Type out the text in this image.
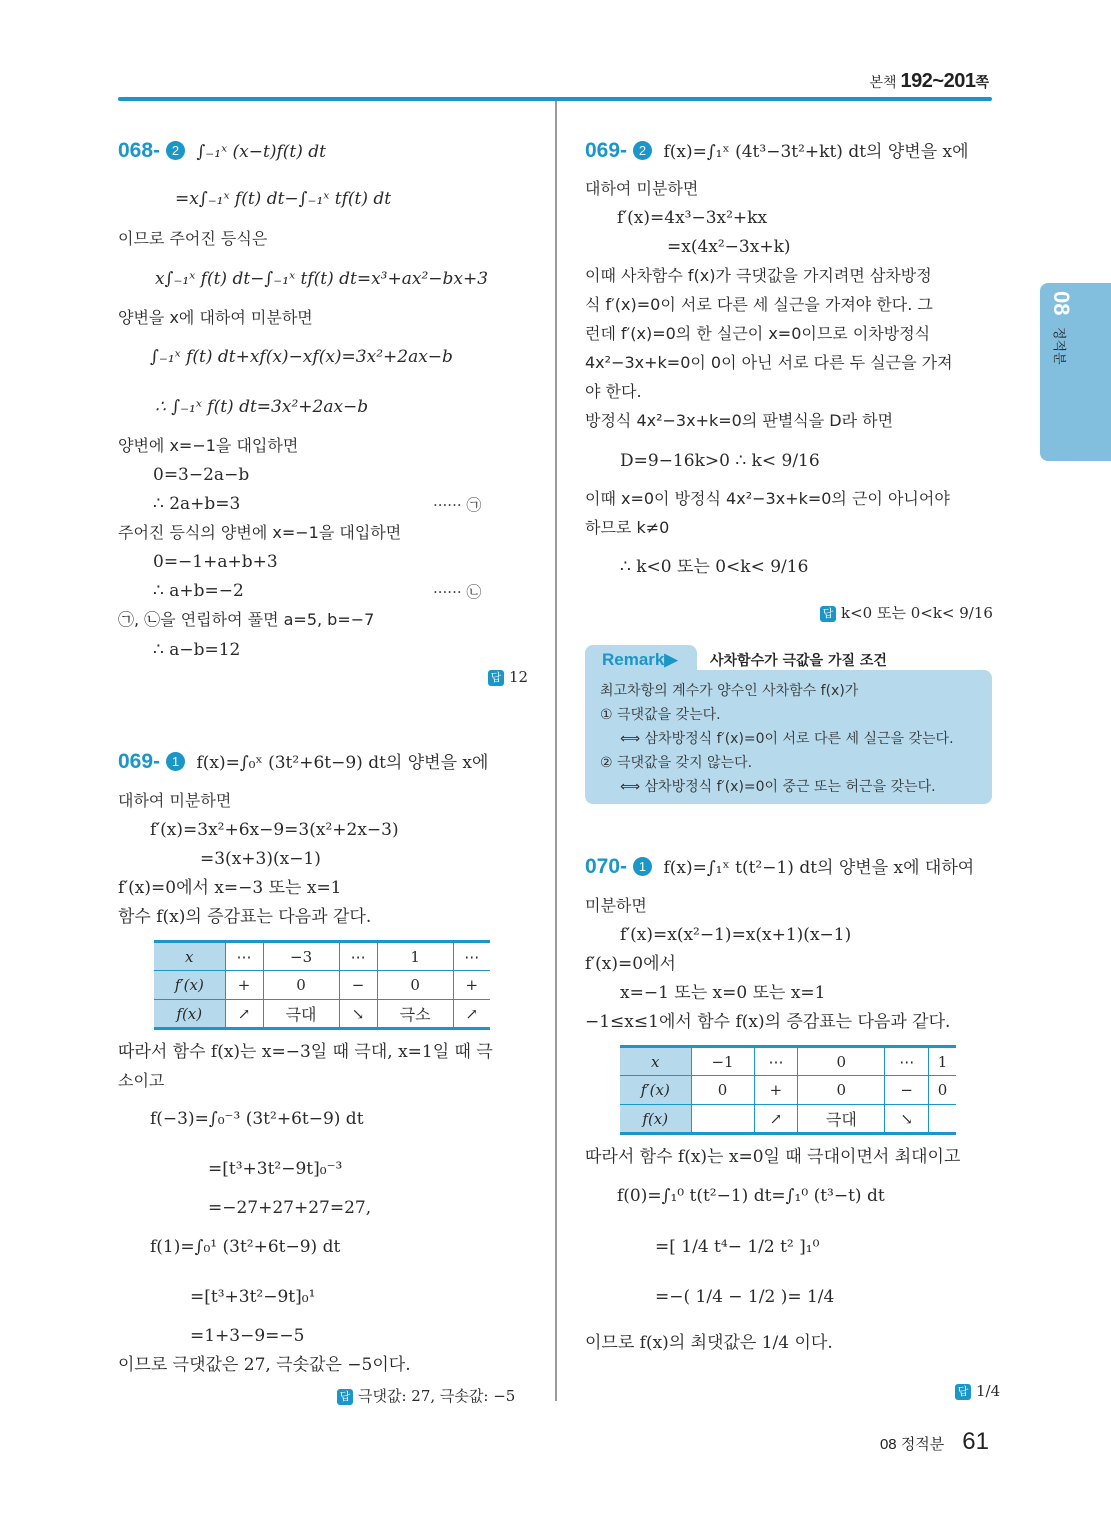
본책 192~201쪽
08
정적분
068- 2 ∫₋₁ˣ (x−t)f(t) dt
=x∫₋₁ˣ f(t) dt−∫₋₁ˣ tf(t) dt
이므로 주어진 등식은
x∫₋₁ˣ f(t) dt−∫₋₁ˣ tf(t) dt=x³+ax²−bx+3
양변을 x에 대하여 미분하면
∫₋₁ˣ f(t) dt+xf(x)−xf(x)=3x²+2ax−b
∴ ∫₋₁ˣ f(t) dt=3x²+2ax−b
양변에 x=−1을 대입하면
0=3−2a−b
∴ 2a+b=3	······ ㉠
주어진 등식의 양변에 x=−1을 대입하면
0=−1+a+b+3
∴ a+b=−2	······ ㉡
㉠, ㉡을 연립하여 풀면 a=5, b=−7
∴ a−b=12
답 12
069- 1 f(x)=∫₀ˣ (3t²+6t−9) dt의 양변을 x에
대하여 미분하면
f′(x)=3x²+6x−9=3(x²+2x−3)
=3(x+3)(x−1)
f′(x)=0에서 x=−3 또는 x=1
함수 f(x)의 증감표는 다음과 같다.
x	⋯	−3	⋯	1	⋯
f′(x)	+	0	−	0	+
f(x)	↗	극대	↘	극소	↗
따라서 함수 f(x)는 x=−3일 때 극대, x=1일 때 극
소이고
f(−3)=∫₀⁻³ (3t²+6t−9) dt
=[t³+3t²−9t]₀⁻³
=−27+27+27=27,
f(1)=∫₀¹ (3t²+6t−9) dt
=[t³+3t²−9t]₀¹
=1+3−9=−5
이므로 극댓값은 27, 극솟값은 −5이다.
답 극댓값: 27, 극솟값: −5
069- 2 f(x)=∫₁ˣ (4t³−3t²+kt) dt의 양변을 x에
대하여 미분하면
f′(x)=4x³−3x²+kx
=x(4x²−3x+k)
이때 사차함수 f(x)가 극댓값을 가지려면 삼차방정
식 f′(x)=0이 서로 다른 세 실근을 가져야 한다. 그
런데 f′(x)=0의 한 실근이 x=0이므로 이차방정식
4x²−3x+k=0이 0이 아닌 서로 다른 두 실근을 가져
야 한다.
방정식 4x²−3x+k=0의 판별식을 D라 하면
D=9−16k>0 ∴ k< 9/16
이때 x=0이 방정식 4x²−3x+k=0의 근이 아니어야
하므로 k≠0
∴ k<0 또는 0<k< 9/16
답 k<0 또는 0<k< 9/16
Remark▶ 사차함수가 극값을 가질 조건
최고차항의 계수가 양수인 사차함수 f(x)가
① 극댓값을 갖는다.
⟺ 삼차방정식 f′(x)=0이 서로 다른 세 실근을 갖는다.
② 극댓값을 갖지 않는다.
⟺ 삼차방정식 f′(x)=0이 중근 또는 허근을 갖는다.
070- 1 f(x)=∫₁ˣ t(t²−1) dt의 양변을 x에 대하여
미분하면
f′(x)=x(x²−1)=x(x+1)(x−1)
f′(x)=0에서
x=−1 또는 x=0 또는 x=1
−1≤x≤1에서 함수 f(x)의 증감표는 다음과 같다.
x	−1	⋯	0	⋯	1
f′(x)	0	+	0	−	0
f(x)		↗	극대	↘	
따라서 함수 f(x)는 x=0일 때 극대이면서 최대이고
f(0)=∫₁⁰ t(t²−1) dt=∫₁⁰ (t³−t) dt
=[ 1/4 t⁴− 1/2 t² ]₁⁰
=−( 1/4 − 1/2 )= 1/4
이므로 f(x)의 최댓값은 1/4 이다.
답 1/4
08 정적분 61
